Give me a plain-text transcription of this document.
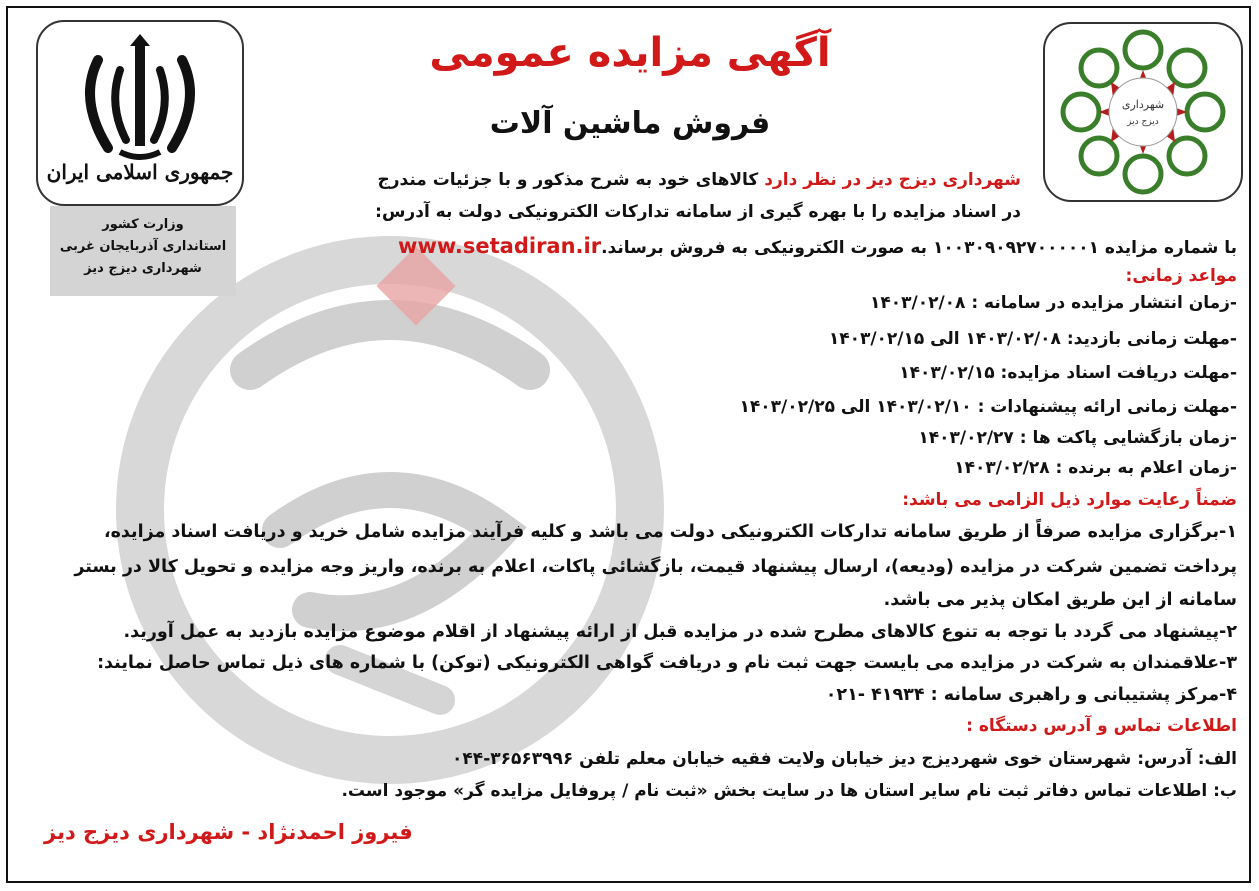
جمهوری اسلامی ایران
وزارت کشور
استانداری آذربایجان غربی
شهرداری دیزج دیز
شهرداری
دیزج دیز
آگهی مزایده عمومی
فروش ماشین آلات
شهرداری دیزج دیز در نظر دارد کالاهای خود به شرح مذکور و با جزئیات مندرج
در اسناد مزایده را با بهره گیری از سامانه تدارکات الکترونیکی دولت به آدرس:
با شماره مزایده ۱۰۰۳۰۹۰۹۲۷۰۰۰۰۰۱ به صورت الکترونیکی به فروش برساند.www.setadiran.ir
مواعد زمانی:
-زمان انتشار مزایده در سامانه : ۱۴۰۳/۰۲/۰۸
-مهلت زمانی بازدید: ۱۴۰۳/۰۲/۰۸ الی ۱۴۰۳/۰۲/۱۵
-مهلت دریافت اسناد مزایده: ۱۴۰۳/۰۲/۱۵
-مهلت زمانی ارائه پیشنهادات : ۱۴۰۳/۰۲/۱۰ الی ۱۴۰۳/۰۲/۲۵
-زمان بازگشایی پاکت ها : ۱۴۰۳/۰۲/۲۷
-زمان اعلام به برنده : ۱۴۰۳/۰۲/۲۸
ضمناً رعایت موارد ذیل الزامی می باشد:
۱-برگزاری مزایده صرفاً از طریق سامانه تدارکات الکترونیکی دولت می باشد و کلیه فرآیند مزایده شامل خرید و دریافت اسناد مزایده،
پرداخت تضمین شرکت در مزایده (ودیعه)، ارسال پیشنهاد قیمت، بازگشائی پاکات، اعلام به برنده، واریز وجه مزایده و تحویل کالا در بستر
سامانه از این طریق امکان پذیر می باشد.
۲-پیشنهاد می گردد با توجه به تنوع کالاهای مطرح شده در مزایده قبل از ارائه پیشنهاد از اقلام موضوع مزایده بازدید به عمل آورید.
۳-علاقمندان به شرکت در مزایده می بایست جهت ثبت نام و دریافت گواهی الکترونیکی (توکن) با شماره های ذیل تماس حاصل نمایند:
۴-مرکز پشتیبانی و راهبری سامانه : ۴۱۹۳۴ -۰۲۱
اطلاعات تماس و آدرس دستگاه :
الف: آدرس: شهرستان خوی شهردیزج دیز خیابان ولایت فقیه خیابان معلم تلفن ۳۶۵۶۳۹۹۶-۰۴۴
ب: اطلاعات تماس دفاتر ثبت نام سایر استان ها در سایت بخش «ثبت نام / پروفایل مزایده گر» موجود است.
فیروز احمدنژاد - شهرداری دیزج دیز
